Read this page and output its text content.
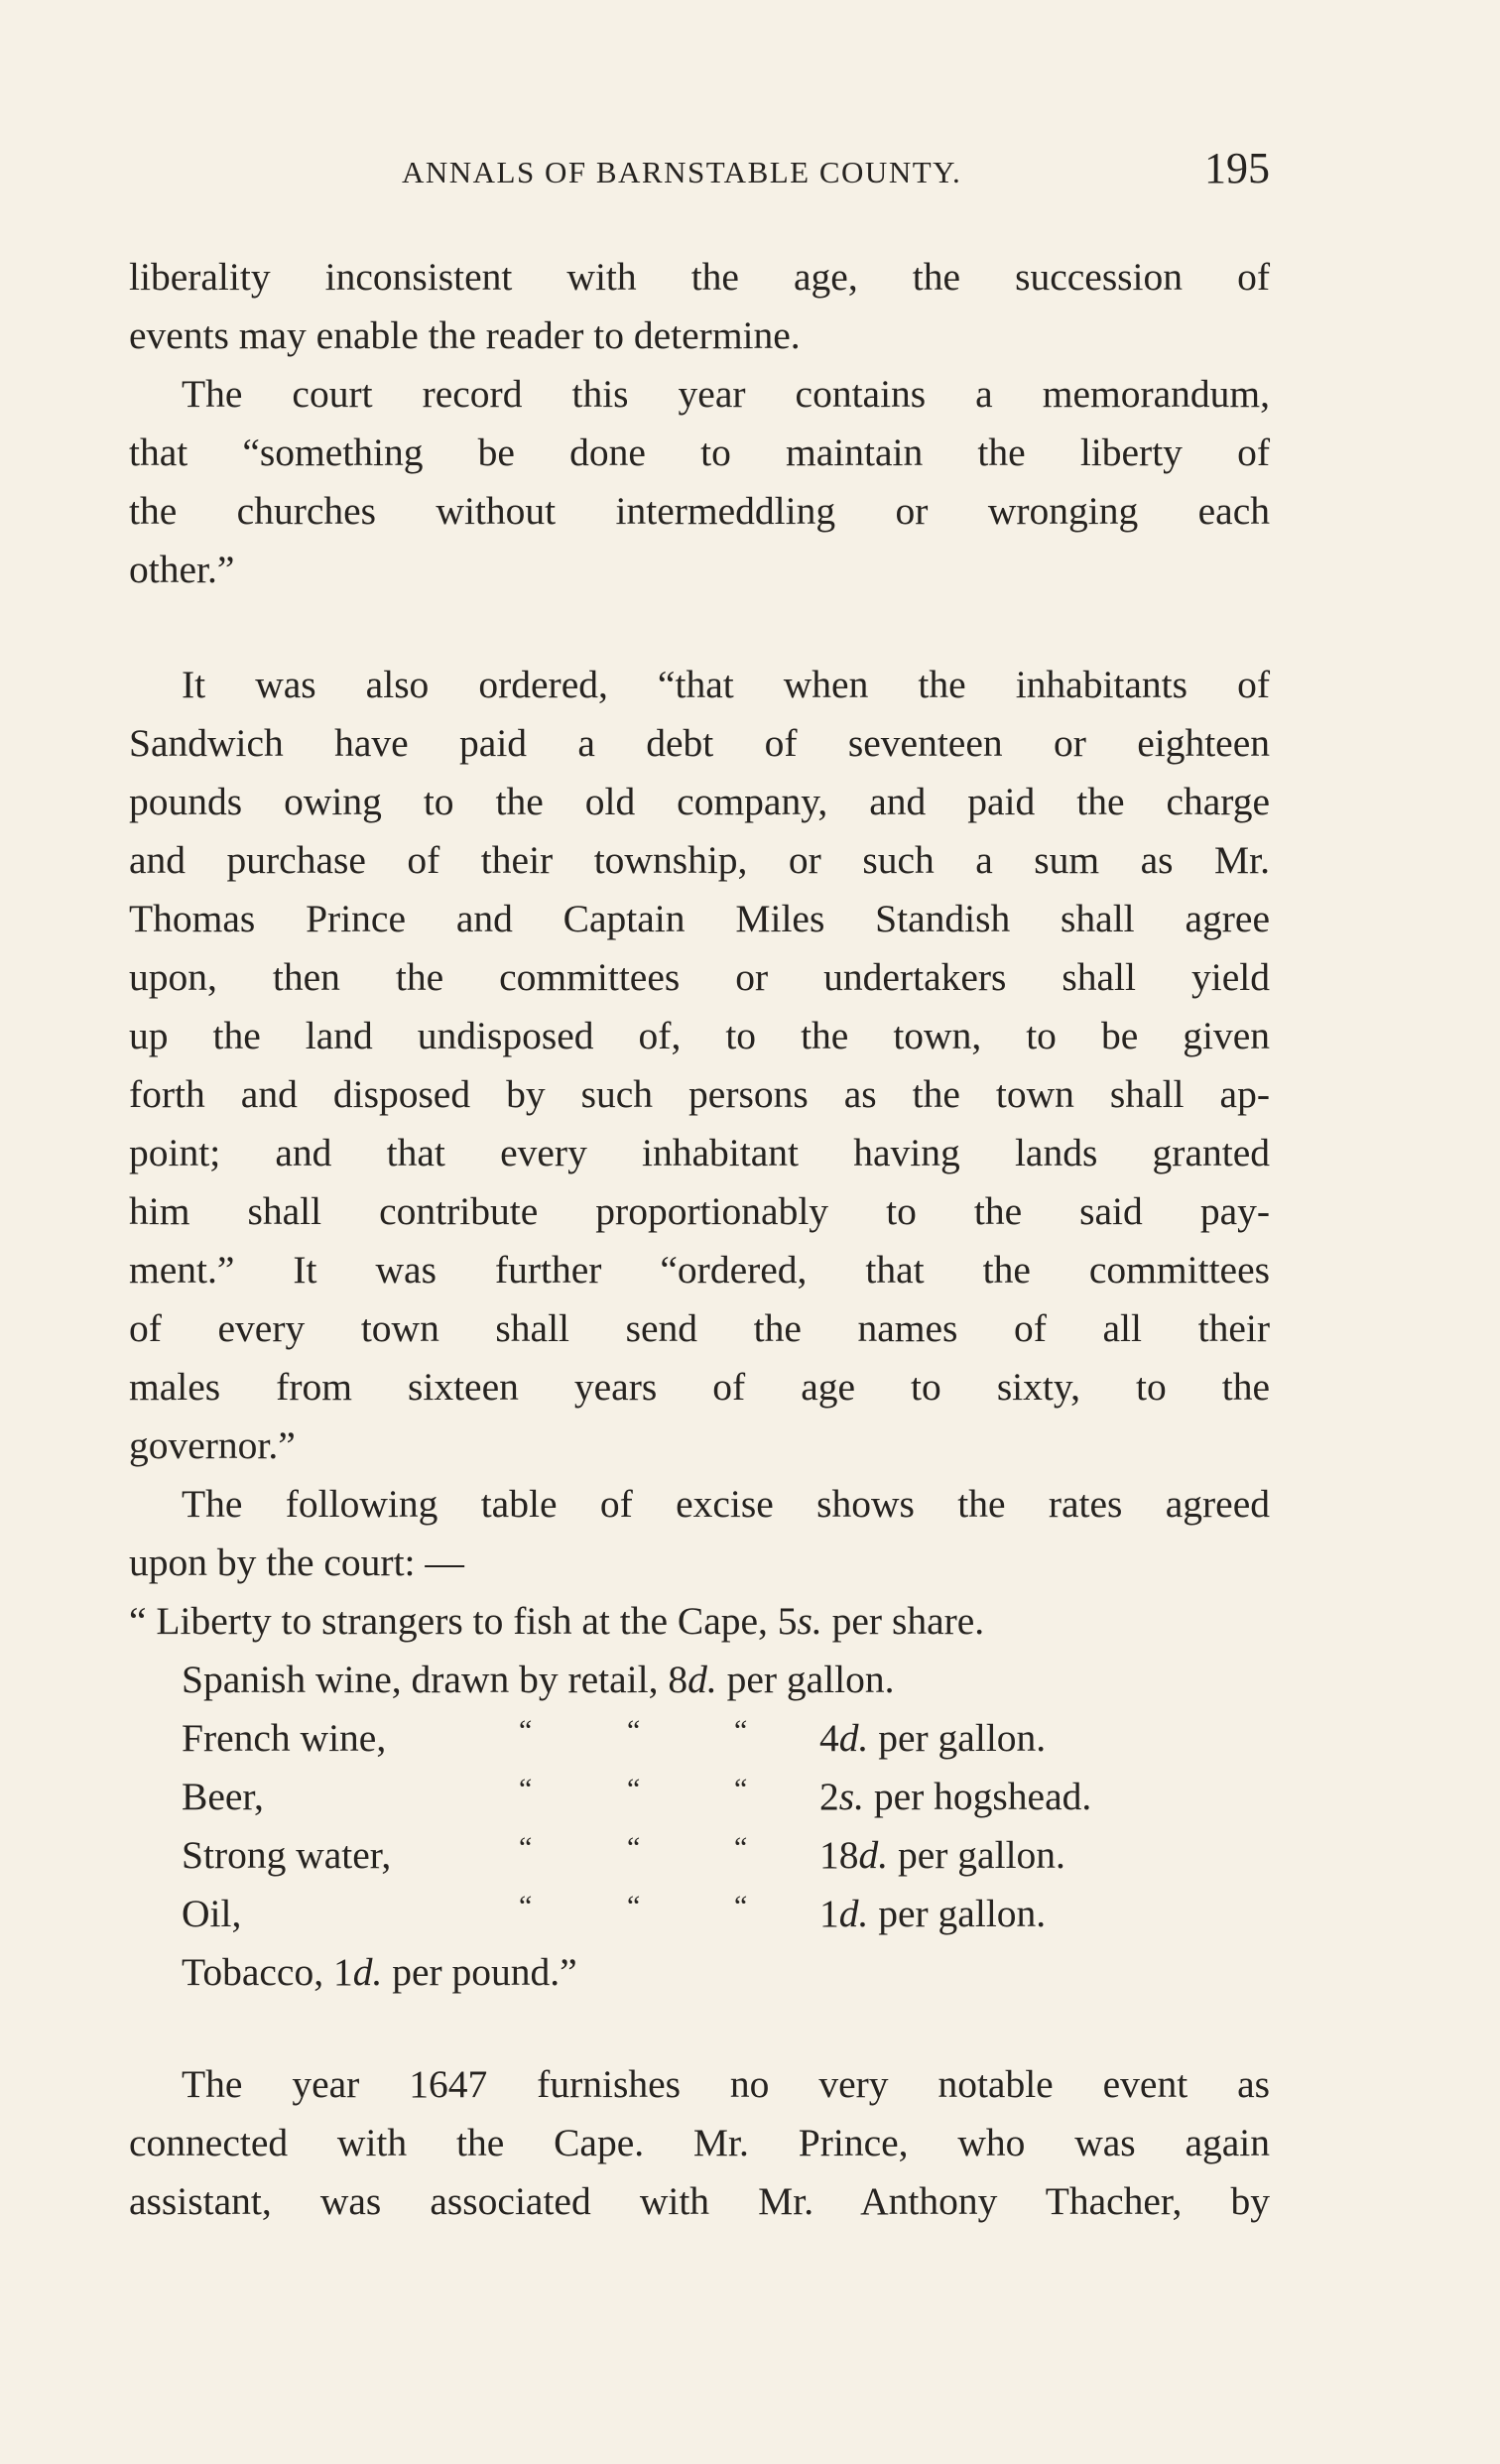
ANNALS OF BARNSTABLE COUNTY.	195
liberality inconsistent with the age, the succession of
events may enable the reader to determine.
The court record this year contains a memorandum,
that “something be done to maintain the liberty of
the churches without intermeddling or wronging each
other.”
It was also ordered, “that when the inhabitants of
Sandwich have paid a debt of seventeen or eighteen
pounds owing to the old company, and paid the charge
and purchase of their township, or such a sum as Mr.
Thomas Prince and Captain Miles Standish shall agree
upon, then the committees or undertakers shall yield
up the land undisposed of, to the town, to be given
forth and disposed by such persons as the town shall ap-
point; and that every inhabitant having lands granted
him shall contribute proportionably to the said pay-
ment.” It was further “ordered, that the committees
of every town shall send the names of all their
males from sixteen years of age to sixty, to the
governor.”
The following table of excise shows the rates agreed
upon by the court: —
“ Liberty to strangers to fish at the Cape, 5s. per share.
Spanish wine, drawn by retail, 8d. per gallon.
French wine,	“	“	“ 4d. per gallon.
Beer,	“	“	“ 2s. per hogshead.
Strong water,	“	“	“ 18d. per gallon.
Oil,	“	“	“ 1d. per gallon.
Tobacco, 1d. per pound.”
The year 1647 furnishes no very notable event as
connected with the Cape. Mr. Prince, who was again
assistant, was associated with Mr. Anthony Thacher, by
